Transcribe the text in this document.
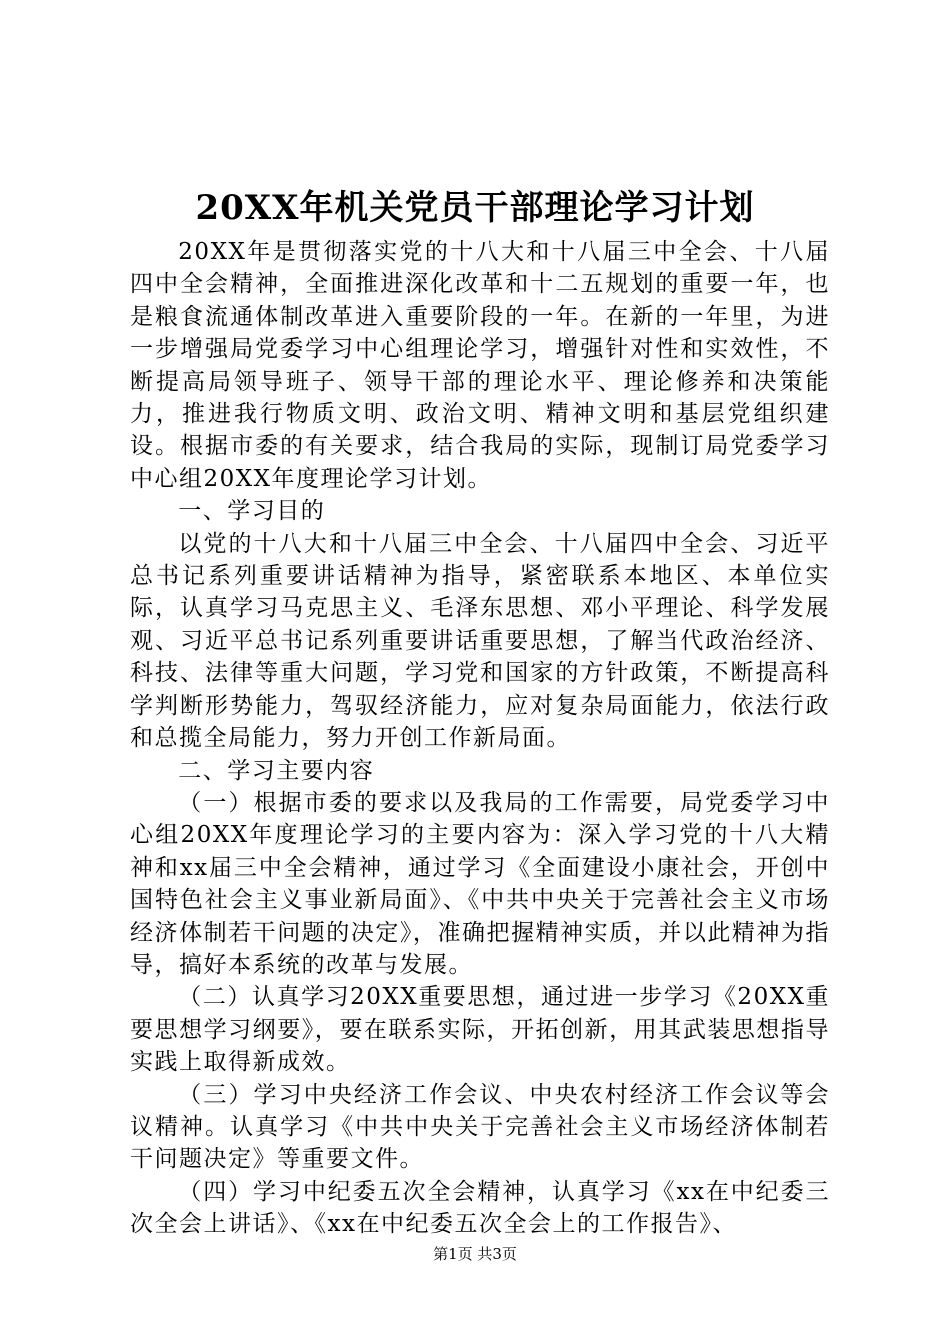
20XX年机关党员干部理论学习计划

20XX年是贯彻落实党的十八大和十八届三中全会、十八届四中全会精神，全面推进深化改革和十二五规划的重要一年，也是粮食流通体制改革进入重要阶段的一年。在新的一年里，为进一步增强局党委学习中心组理论学习，增强针对性和实效性，不断提高局领导班子、领导干部的理论水平、理论修养和决策能力，推进我行物质文明、政治文明、精神文明和基层党组织建设。根据市委的有关要求，结合我局的实际，现制订局党委学习中心组20XX年度理论学习计划。

一、学习目的

以党的十八大和十八届三中全会、十八届四中全会、习近平总书记系列重要讲话精神为指导，紧密联系本地区、本单位实际，认真学习马克思主义、毛泽东思想、邓小平理论、科学发展观、习近平总书记系列重要讲话重要思想，了解当代政治经济、科技、法律等重大问题，学习党和国家的方针政策，不断提高科学判断形势能力，驾驭经济能力，应对复杂局面能力，依法行政和总揽全局能力，努力开创工作新局面。

二、学习主要内容

（一）根据市委的要求以及我局的工作需要，局党委学习中心组20XX年度理论学习的主要内容为：深入学习党的十八大精神和xx届三中全会精神，通过学习《全面建设小康社会，开创中国特色社会主义事业新局面》、《中共中央关于完善社会主义市场经济体制若干问题的决定》，准确把握精神实质，并以此精神为指导，搞好本系统的改革与发展。

（二）认真学习20XX重要思想，通过进一步学习《20XX重要思想学习纲要》，要在联系实际，开拓创新，用其武装思想指导实践上取得新成效。

（三）学习中央经济工作会议、中央农村经济工作会议等会议精神。认真学习《中共中央关于完善社会主义市场经济体制若干问题决定》等重要文件。

（四）学习中纪委五次全会精神，认真学习《xx在中纪委三次全会上讲话》、《xx在中纪委五次全会上的工作报告》、

第1页 共3页
